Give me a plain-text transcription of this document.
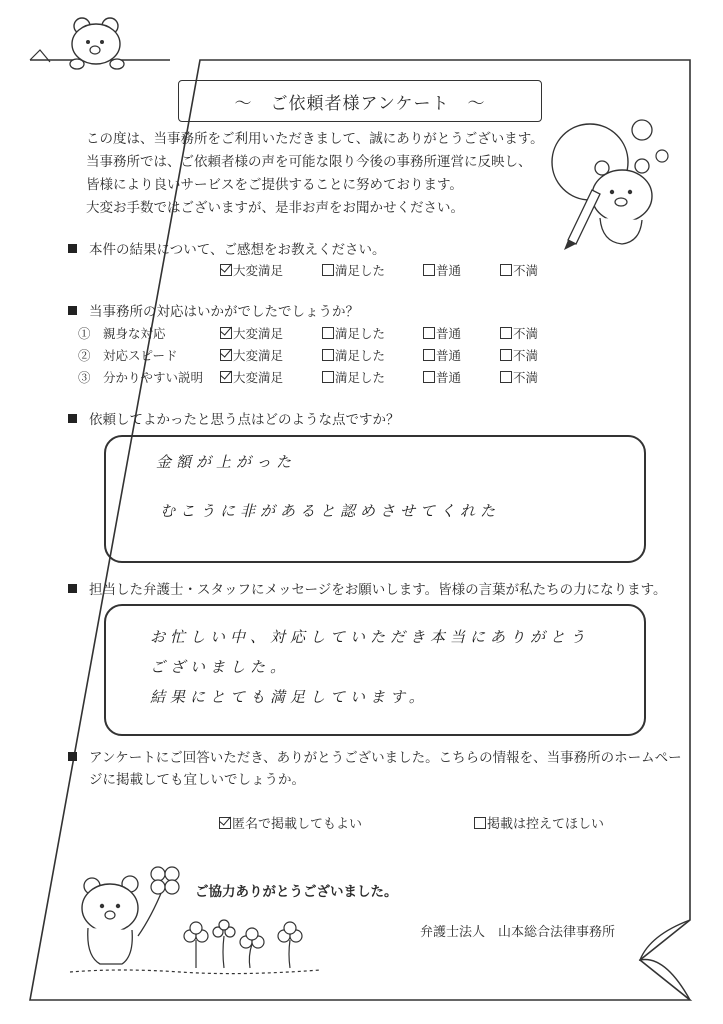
～　ご依頼者様アンケート　～
この度は、当事務所をご利用いただきまして、誠にありがとうございます。
当事務所では、ご依頼者様の声を可能な限り今後の事務所運営に反映し、
皆様により良いサービスをご提供することに努めております。
大変お手数ではございますが、是非お声をお聞かせください。
本件の結果について、ご感想をお教えください。
大変満足	満足した	普通	不満
当事務所の対応はいかがでしたでしょうか？
①　 親身な対応	大変満足	満足した	普通	不満
②　 対応スピード	大変満足	満足した	普通	不満
③　 分かりやすい説明	大変満足	満足した	普通	不満
依頼してよかったと思う点はどのような点ですか？
金額が上がった
むこうに非があると認めさせてくれた
担当した弁護士・スタッフにメッセージをお願いします。皆様の言葉が私たちの力になります。
お忙しい中、対応していただき本当にありがとう
ございました。
結果にとても満足しています。
アンケートにご回答いただき、ありがとうございました。こちらの情報を、当事務所のホームペー
ジに掲載しても宜しいでしょうか。
匿名で掲載してもよい	掲載は控えてほしい
ご協力ありがとうございました。
弁護士法人　山本総合法律事務所
